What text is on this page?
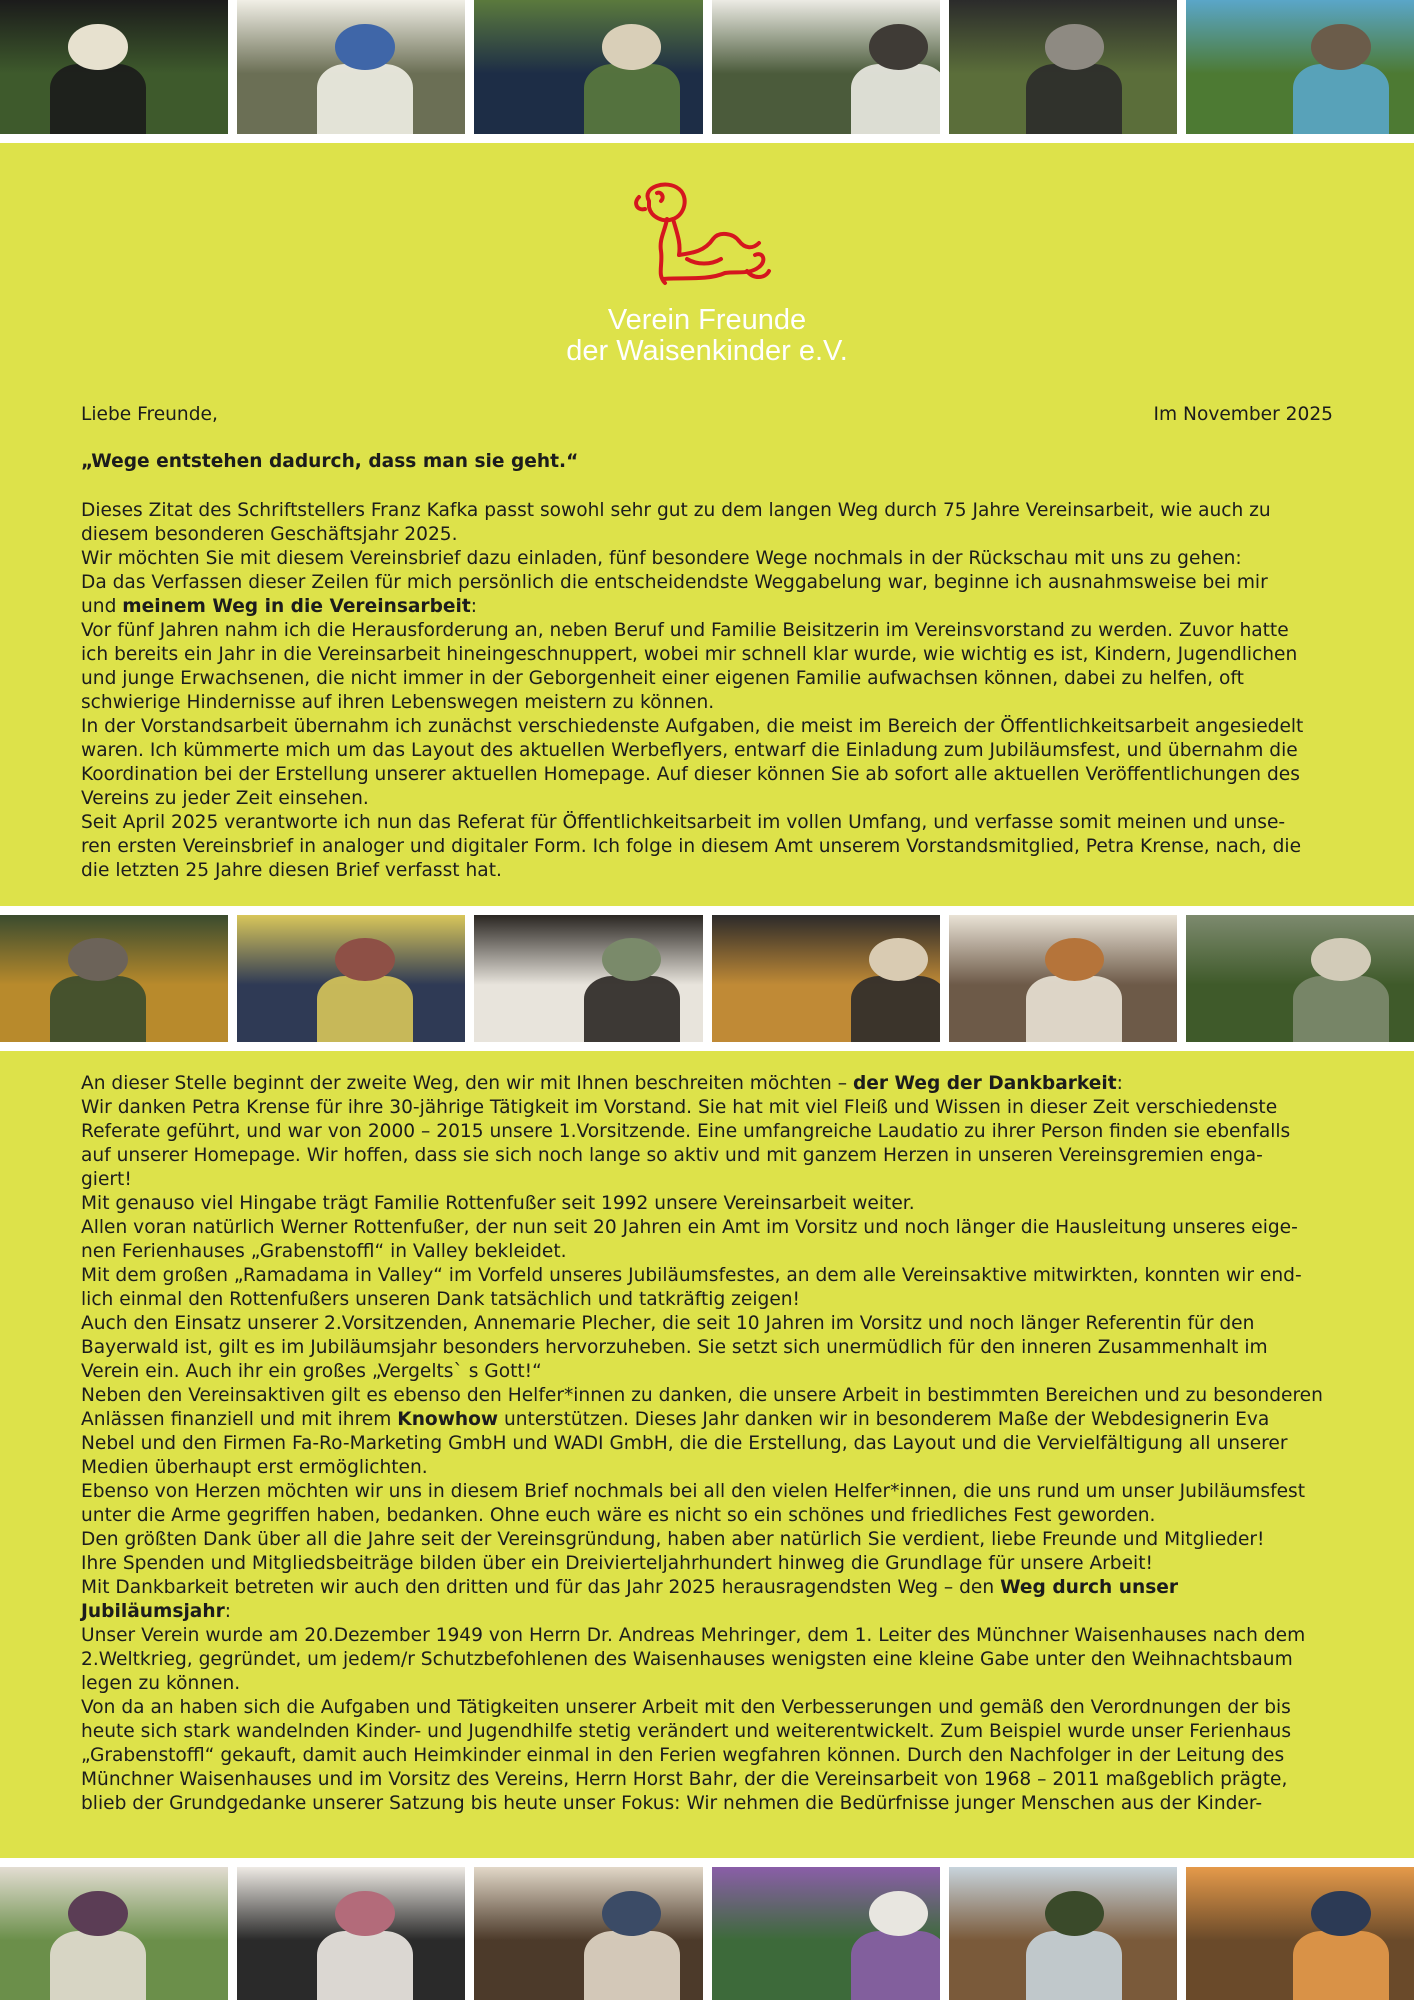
Verein Freunde
der Waisenkinder e.V.
Liebe Freunde,	Im November 2025
„Wege entstehen dadurch, dass man sie geht.“

Dieses Zitat des Schriftstellers Franz Kafka passt sowohl sehr gut zu dem langen Weg durch 75 Jahre Vereinsarbeit, wie auch zu

diesem besonderen Geschäftsjahr 2025.

Wir möchten Sie mit diesem Vereinsbrief dazu einladen, fünf besondere Wege nochmals in der Rückschau mit uns zu gehen:

Da das Verfassen dieser Zeilen für mich persönlich die entscheidendste Weggabelung war, beginne ich ausnahmsweise bei mir

und meinem Weg in die Vereinsarbeit:

Vor fünf Jahren nahm ich die Herausforderung an, neben Beruf und Familie Beisitzerin im Vereinsvorstand zu werden. Zuvor hatte

ich bereits ein Jahr in die Vereinsarbeit hineingeschnuppert, wobei mir schnell klar wurde, wie wichtig es ist, Kindern, Jugendlichen

und junge Erwachsenen, die nicht immer in der Geborgenheit einer eigenen Familie aufwachsen können, dabei zu helfen, oft

schwierige Hindernisse auf ihren Lebenswegen meistern zu können.

In der Vorstandsarbeit übernahm ich zunächst verschiedenste Aufgaben, die meist im Bereich der Öffentlichkeitsarbeit angesiedelt

waren. Ich kümmerte mich um das Layout des aktuellen Werbeflyers, entwarf die Einladung zum Jubiläumsfest, und übernahm die

Koordination bei der Erstellung unserer aktuellen Homepage. Auf dieser können Sie ab sofort alle aktuellen Veröffentlichungen des

Vereins zu jeder Zeit einsehen.

Seit April 2025 verantworte ich nun das Referat für Öffentlichkeitsarbeit im vollen Umfang, und verfasse somit meinen und unse-

ren ersten Vereinsbrief in analoger und digitaler Form. Ich folge in diesem Amt unserem Vorstandsmitglied, Petra Krense, nach, die

die letzten 25 Jahre diesen Brief verfasst hat.

An dieser Stelle beginnt der zweite Weg, den wir mit Ihnen beschreiten möchten – der Weg der Dankbarkeit:

Wir danken Petra Krense für ihre 30-jährige Tätigkeit im Vorstand. Sie hat mit viel Fleiß und Wissen in dieser Zeit verschiedenste

Referate geführt, und war von 2000 – 2015 unsere 1.Vorsitzende. Eine umfangreiche Laudatio zu ihrer Person finden sie ebenfalls

auf unserer Homepage. Wir hoffen, dass sie sich noch lange so aktiv und mit ganzem Herzen in unseren Vereinsgremien enga-

giert!

Mit genauso viel Hingabe trägt Familie Rottenfußer seit 1992 unsere Vereinsarbeit weiter.

Allen voran natürlich Werner Rottenfußer, der nun seit 20 Jahren ein Amt im Vorsitz und noch länger die Hausleitung unseres eige-

nen Ferienhauses „Grabenstoffl“ in Valley bekleidet.

Mit dem großen „Ramadama in Valley“ im Vorfeld unseres Jubiläumsfestes, an dem alle Vereinsaktive mitwirkten, konnten wir end-

lich einmal den Rottenfußers unseren Dank tatsächlich und tatkräftig zeigen!

Auch den Einsatz unserer 2.Vorsitzenden, Annemarie Plecher, die seit 10 Jahren im Vorsitz und noch länger Referentin für den

Bayerwald ist, gilt es im Jubiläumsjahr besonders hervorzuheben. Sie setzt sich unermüdlich für den inneren Zusammenhalt im

Verein ein. Auch ihr ein großes „Vergelts` s Gott!“

Neben den Vereinsaktiven gilt es ebenso den Helfer*innen zu danken, die unsere Arbeit in bestimmten Bereichen und zu besonderen

Anlässen finanziell und mit ihrem Knowhow unterstützen. Dieses Jahr danken wir in besonderem Maße der Webdesignerin Eva

Nebel und den Firmen Fa-Ro-Marketing GmbH und WADI GmbH, die die Erstellung, das Layout und die Vervielfältigung all unserer

Medien überhaupt erst ermöglichten.

Ebenso von Herzen möchten wir uns in diesem Brief nochmals bei all den vielen Helfer*innen, die uns rund um unser Jubiläumsfest

unter die Arme gegriffen haben, bedanken. Ohne euch wäre es nicht so ein schönes und friedliches Fest geworden.

Den größten Dank über all die Jahre seit der Vereinsgründung, haben aber natürlich Sie verdient, liebe Freunde und Mitglieder!

Ihre Spenden und Mitgliedsbeiträge bilden über ein Dreivierteljahrhundert hinweg die Grundlage für unsere Arbeit!

Mit Dankbarkeit betreten wir auch den dritten und für das Jahr 2025 herausragendsten Weg – den Weg durch unser Jubiläumsjahr:

Unser Verein wurde am 20.Dezember 1949 von Herrn Dr. Andreas Mehringer, dem 1. Leiter des Münchner Waisenhauses nach dem

2.Weltkrieg, gegründet, um jedem/r Schutzbefohlenen des Waisenhauses wenigsten eine kleine Gabe unter den Weihnachtsbaum

legen zu können.

Von da an haben sich die Aufgaben und Tätigkeiten unserer Arbeit mit den Verbesserungen und gemäß den Verordnungen der bis

heute sich stark wandelnden Kinder- und Jugendhilfe stetig verändert und weiterentwickelt. Zum Beispiel wurde unser Ferienhaus

„Grabenstoffl“ gekauft, damit auch Heimkinder einmal in den Ferien wegfahren können. Durch den Nachfolger in der Leitung des

Münchner Waisenhauses und im Vorsitz des Vereins, Herrn Horst Bahr, der die Vereinsarbeit von 1968 – 2011 maßgeblich prägte,

blieb der Grundgedanke unserer Satzung bis heute unser Fokus: Wir nehmen die Bedürfnisse junger Menschen aus der Kinder-
